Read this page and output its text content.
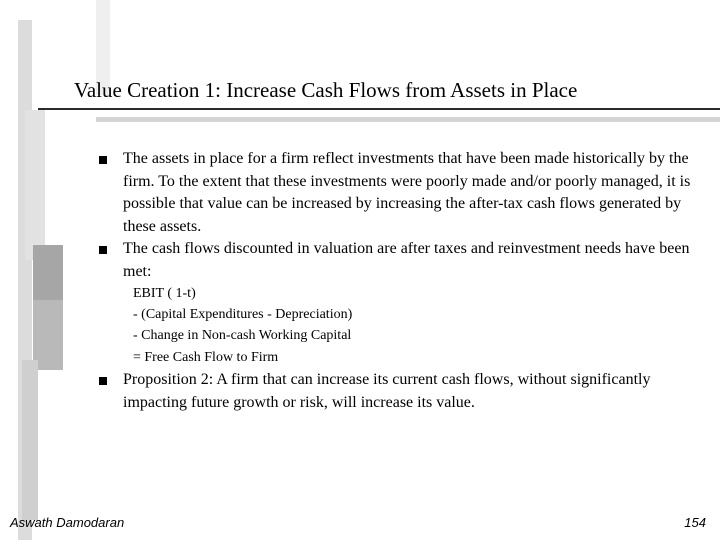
Value Creation 1: Increase Cash Flows from Assets in Place
The assets in place for a firm reflect investments that have been made historically by the firm. To the extent that these investments were poorly made and/or poorly managed, it is possible that value can be increased by increasing the after-tax cash flows generated by these assets.
The cash flows discounted in valuation are after taxes and reinvestment needs have been met:
EBIT ( 1-t)
- (Capital Expenditures - Depreciation)
- Change in Non-cash Working Capital
= Free Cash Flow to Firm
Proposition 2: A firm that can increase its current cash flows, without significantly impacting future growth or risk, will increase its value.
Aswath Damodaran	154
